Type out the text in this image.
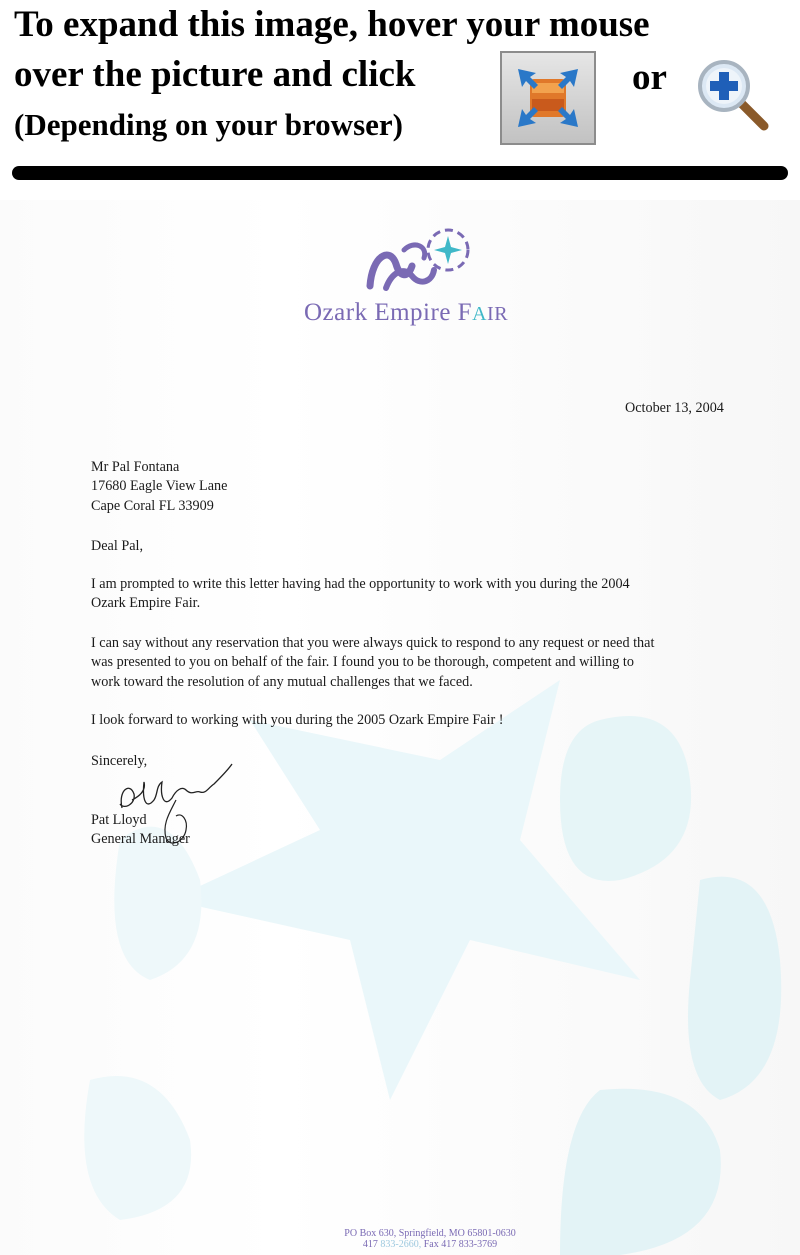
To expand this image, hover your mouse
over the picture and click	or
(Depending on your browser)
Ozark Empire FAIR
October 13, 2004
Mr Pal Fontana
17680 Eagle View Lane
Cape Coral FL 33909
Deal Pal,
I am prompted to write this letter having had the opportunity to work with you during the 2004
Ozark Empire Fair.
I can say without any reservation that you were always quick to respond to any request or need that
was presented to you on behalf of the fair. I found you to be thorough, competent and willing to
work toward the resolution of any mutual challenges that we faced.
I look forward to working with you during the 2005 Ozark Empire Fair !
Sincerely,
Pat Lloyd
General Manager
PO Box 630, Springfield, MO 65801-0630
417 833-2660, Fax 417 833-3769
